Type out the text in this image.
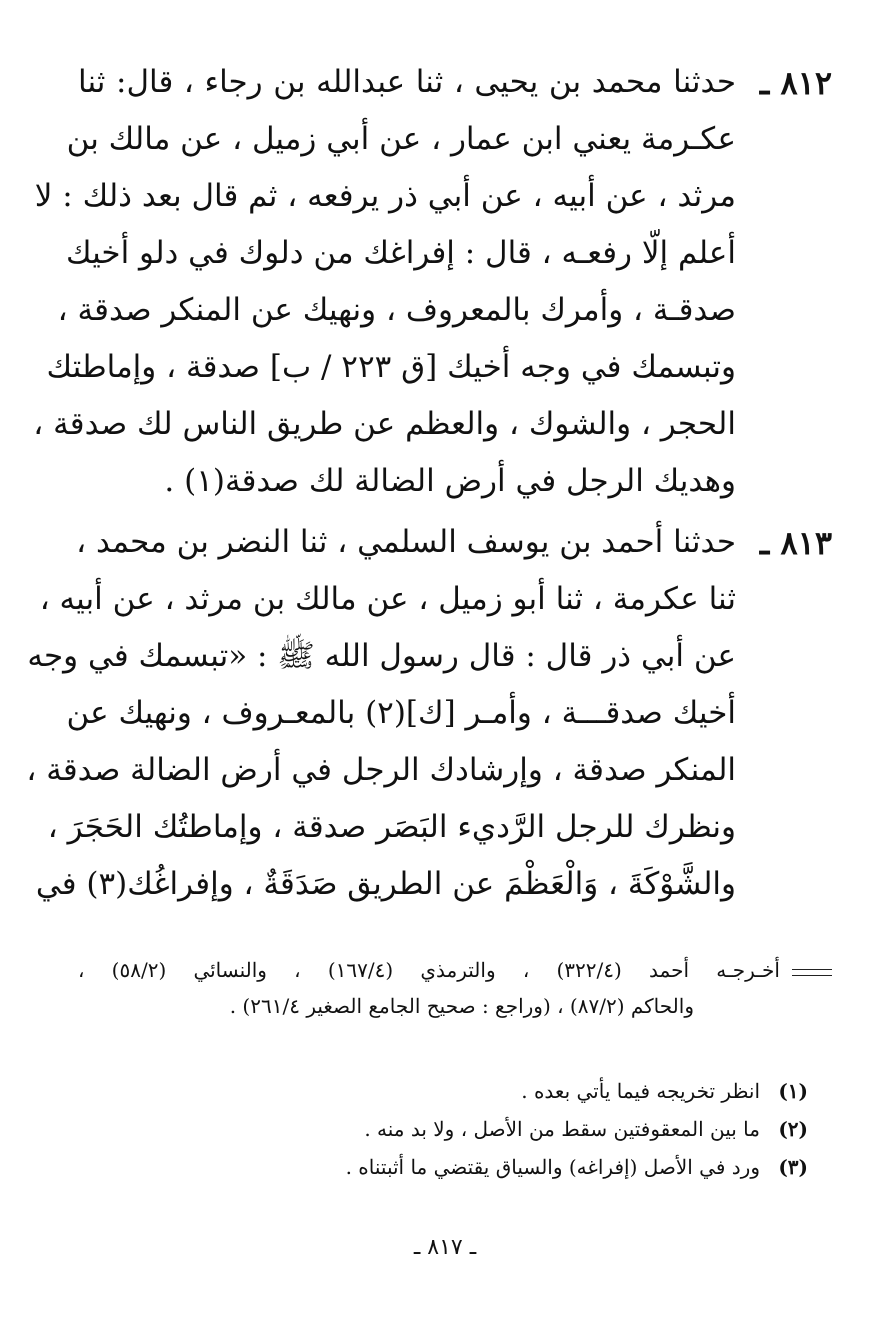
٨١٢ ـ
حدثنا محمد بن يحيى ، ثنا عبدالله بن رجاء ، قال: ثنا
عكـرمة يعني ابن عمار ، عن أبي زميل ، عن مالك بن
مرثد ، عن أبيه ، عن أبي ذر يرفعه ، ثم قال بعد ذلك : لا
أعلم إلّا رفعـه ، قال : إفراغك من دلوك في دلو أخيك
صدقـة ، وأمرك بالمعروف ، ونهيك عن المنكر صدقة ،
وتبسمك في وجه أخيك [ق ٢٢٣ / ب] صدقة ، وإماطتك
الحجر ، والشوك ، والعظم عن طريق الناس لك صدقة ،
وهديك الرجل في أرض الضالة لك صدقة(١) .
٨١٣ ـ
حدثنا أحمد بن يوسف السلمي ، ثنا النضر بن محمد ،
ثنا عكرمة ، ثنا أبو زميل ، عن مالك بن مرثد ، عن أبيه ،
عن أبي ذر قال : قال رسول الله ﷺ : «تبسمك في وجه
أخيك صدقـــة ، وأمـر [ك](٢) بالمعـروف ، ونهيك عن
المنكر صدقة ، وإرشادك الرجل في أرض الضالة صدقة ،
ونظرك للرجل الرَّديء البَصَر صدقة ، وإماطتُك الحَجَرَ ،
والشَّوْكَةَ ، وَالْعَظْمَ عن الطريق صَدَقَةٌ ، وإفراغُك(٣) في
أخـرجـه أحمد (٣٢٢/٤) ، والترمذي (١٦٧/٤) ، والنسائي (٥٨/٢) ،
والحاكم (٨٧/٢) ، (وراجع : صحيح الجامع الصغير ٢٦١/٤) .
(١)انظر تخريجه فيما يأتي بعده .
(٢)ما بين المعقوفتين سقط من الأصل ، ولا بد منه .
(٣)ورد في الأصل (إفراغه) والسياق يقتضي ما أثبتناه .
ـ ٨١٧ ـ
